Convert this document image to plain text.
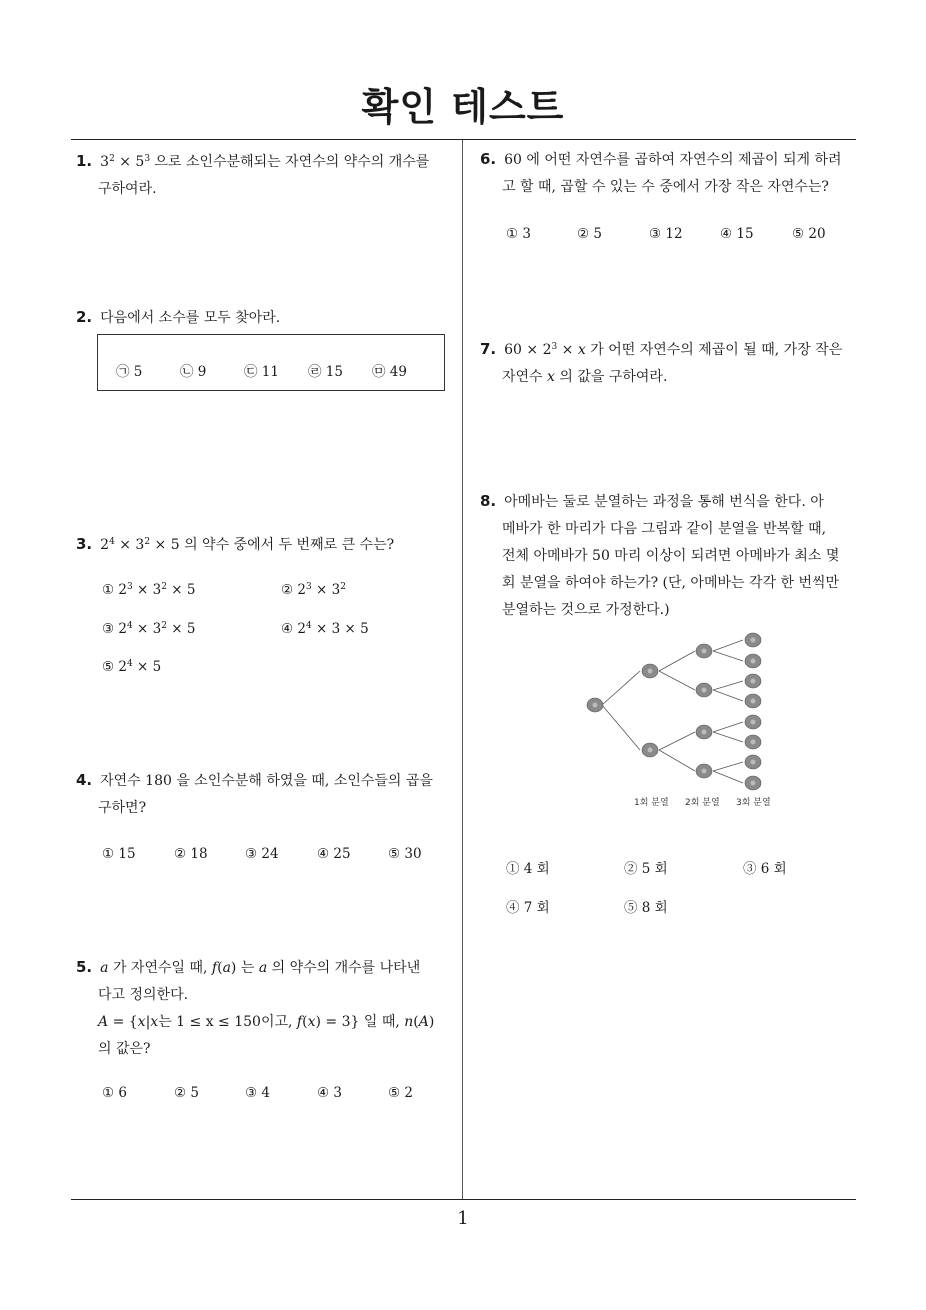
확인 테스트
1. $3^2 \times 5^3$ 으로 소인수분해되는 자연수의 약수의 개수를
구하여라.
2. 다음에서 소수를 모두 찾아라.
㉠ 5	㉡ 9	㉢ 11 ㉣ 15 ㉤ 49
3. $2^4 \times 3^2 \times 5$ 의 약수 중에서 두 번째로 큰 수는?
① $2^3 \times 3^2 \times 5$	② $2^3 \times 3^2$
③ $2^4 \times 3^2 \times 5$	④ $2^4 \times 3 \times 5$
⑤ $2^4 \times 5$
4. 자연수 180 을 소인수분해 하였을 때, 소인수들의 곱을
구하면?
① 15	② 18	③ 24	④ 25	⑤ 30
5. a 가 자연수일 때, f(a) 는 a 의 약수의 개수를 나타낸
다고 정의한다.
A = {x|x는 1 ≤ x ≤ 150이고, f(x) = 3} 일 때, n(A)
의 값은?
① 6	② 5	③ 4	④ 3	⑤ 2
6. 60 에 어떤 자연수를 곱하여 자연수의 제곱이 되게 하려
고 할 때, 곱할 수 있는 수 중에서 가장 작은 자연수는?
① 3	② 5	③ 12	④ 15	⑤ 20
7. $60 \times 2^3 \times x$ 가 어떤 자연수의 제곱이 될 때, 가장 작은
자연수 x 의 값을 구하여라.
8. 아메바는 둘로 분열하는 과정을 통해 번식을 한다. 아
메바가 한 마리가 다음 그림과 같이 분열을 반복할 때,
전체 아메바가 50 마리 이상이 되려면 아메바가 최소 몇
회 분열을 하여야 하는가? (단, 아메바는 각각 한 번씩만
분열하는 것으로 가정한다.)
1회 분열 2회 분열 3회 분열
① 4 회	② 5 회	③ 6 회
④ 7 회	⑤ 8 회
1
